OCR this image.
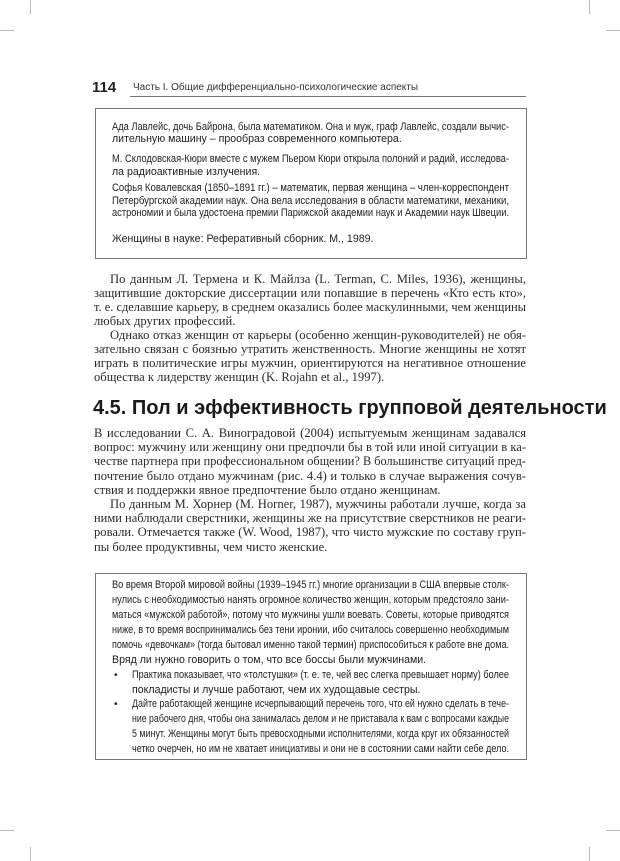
114 Часть I. Общие дифференциально-психологические аспекты
Ада Лавлейс, дочь Байрона, была математиком. Она и муж, граф Лавлейс, создали вычис-
лительную машину – прообраз современного компьютера.
М. Склодовская-Кюри вместе с мужем Пьером Кюри открыла полоний и радий, исследова-
ла радиоактивные излучения.
Софья Ковалевская (1850–1891 гг.) – математик, первая женщина – член-корреспондент
Петербургской академии наук. Она вела исследования в области математики, механики,
астрономии и была удостоена премии Парижской академии наук и Академии наук Швеции.
Женщины в науке: Реферативный сборник. М., 1989.
По данным Л. Термена и К. Майлза (L. Terman, C. Miles, 1936), женщины,
защитившие докторские диссертации или попавшие в перечень «Кто есть кто»,
т. е. сделавшие карьеру, в среднем оказались более маскулинными, чем женщины
любых других профессий.
Однако отказ женщин от карьеры (особенно женщин-руководителей) не обя-
зательно связан с боязнью утратить женственность. Многие женщины не хотят
играть в политические игры мужчин, ориентируются на негативное отношение
общества к лидерству женщин (K. Rojahn et al., 1997).
4.5. Пол и эффективность групповой деятельности
В исследовании С. А. Виноградовой (2004) испытуемым женщинам задавался
вопрос: мужчину или женщину они предпочли бы в той или иной ситуации в ка-
честве партнера при профессиональном общении? В большинстве ситуаций пред-
почтение было отдано мужчинам (рис. 4.4) и только в случае выражения сочув-
ствия и поддержки явное предпочтение было отдано женщинам.
По данным М. Хорнер (M. Horner, 1987), мужчины работали лучше, когда за
ними наблюдали сверстники, женщины же на присутствие сверстников не реаги-
ровали. Отмечается также (W. Wood, 1987), что чисто мужские по составу груп-
пы более продуктивны, чем чисто женские.
Во время Второй мировой войны (1939–1945 гг.) многие организации в США впервые столк-
нулись с необходимостью нанять огромное количество женщин, которым предстояло зани-
маться «мужской работой», потому что мужчины ушли воевать. Советы, которые приводятся
ниже, в то время воспринимались без тени иронии, ибо считалось совершенно необходимым
помочь «девочкам» (тогда бытовал именно такой термин) приспособиться к работе вне дома.
Вряд ли нужно говорить о том, что все боссы были мужчинами.
• Практика показывает, что «толстушки» (т. е. те, чей вес слегка превышает норму) более
покладисты и лучше работают, чем их худощавые сестры.
• Дайте работающей женщине исчерпывающий перечень того, что ей нужно сделать в тече-
ние рабочего дня, чтобы она занималась делом и не приставала к вам с вопросами каждые
5 минут. Женщины могут быть превосходными исполнителями, когда круг их обязанностей
четко очерчен, но им не хватает инициативы и они не в состоянии сами найти себе дело.
